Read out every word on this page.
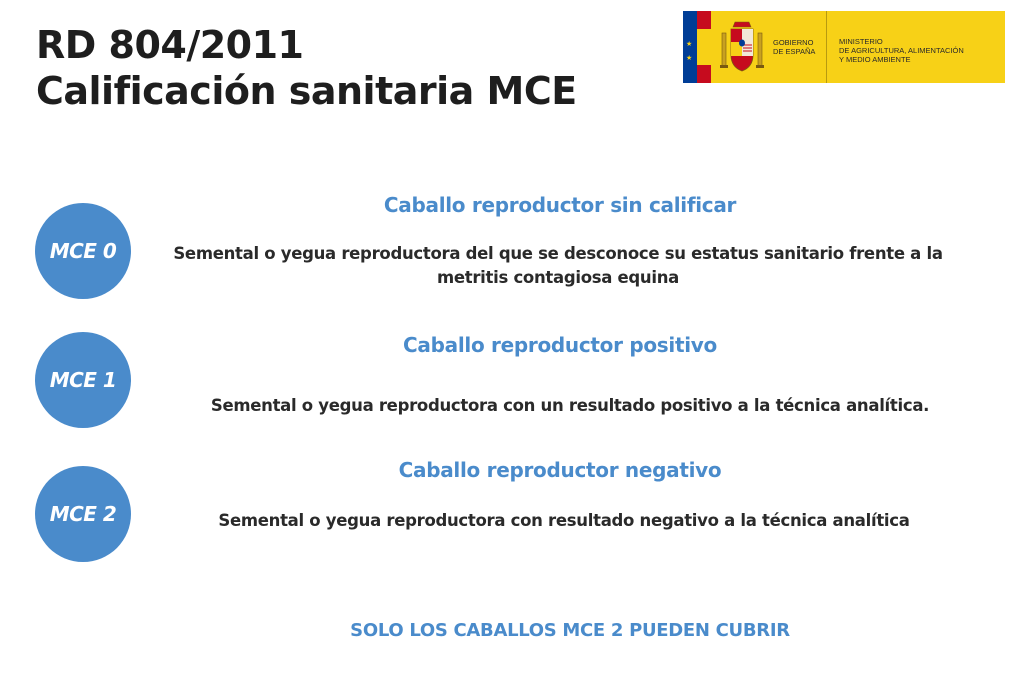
RD 804/2011
Calificación sanitaria MCE
★
★
GOBIERNO
DE ESPAÑA
MINISTERIO
DE AGRICULTURA, ALIMENTACIÓN
Y MEDIO AMBIENTE
MCE 0
Caballo reproductor sin calificar
Semental o yegua reproductora del que se desconoce su estatus sanitario frente a la
metritis contagiosa equina
MCE 1
Caballo reproductor positivo
Semental o yegua reproductora con un resultado positivo a la técnica analítica.
MCE 2
Caballo reproductor negativo
Semental o yegua reproductora con resultado negativo a la técnica analítica
SOLO LOS CABALLOS MCE 2 PUEDEN CUBRIR
